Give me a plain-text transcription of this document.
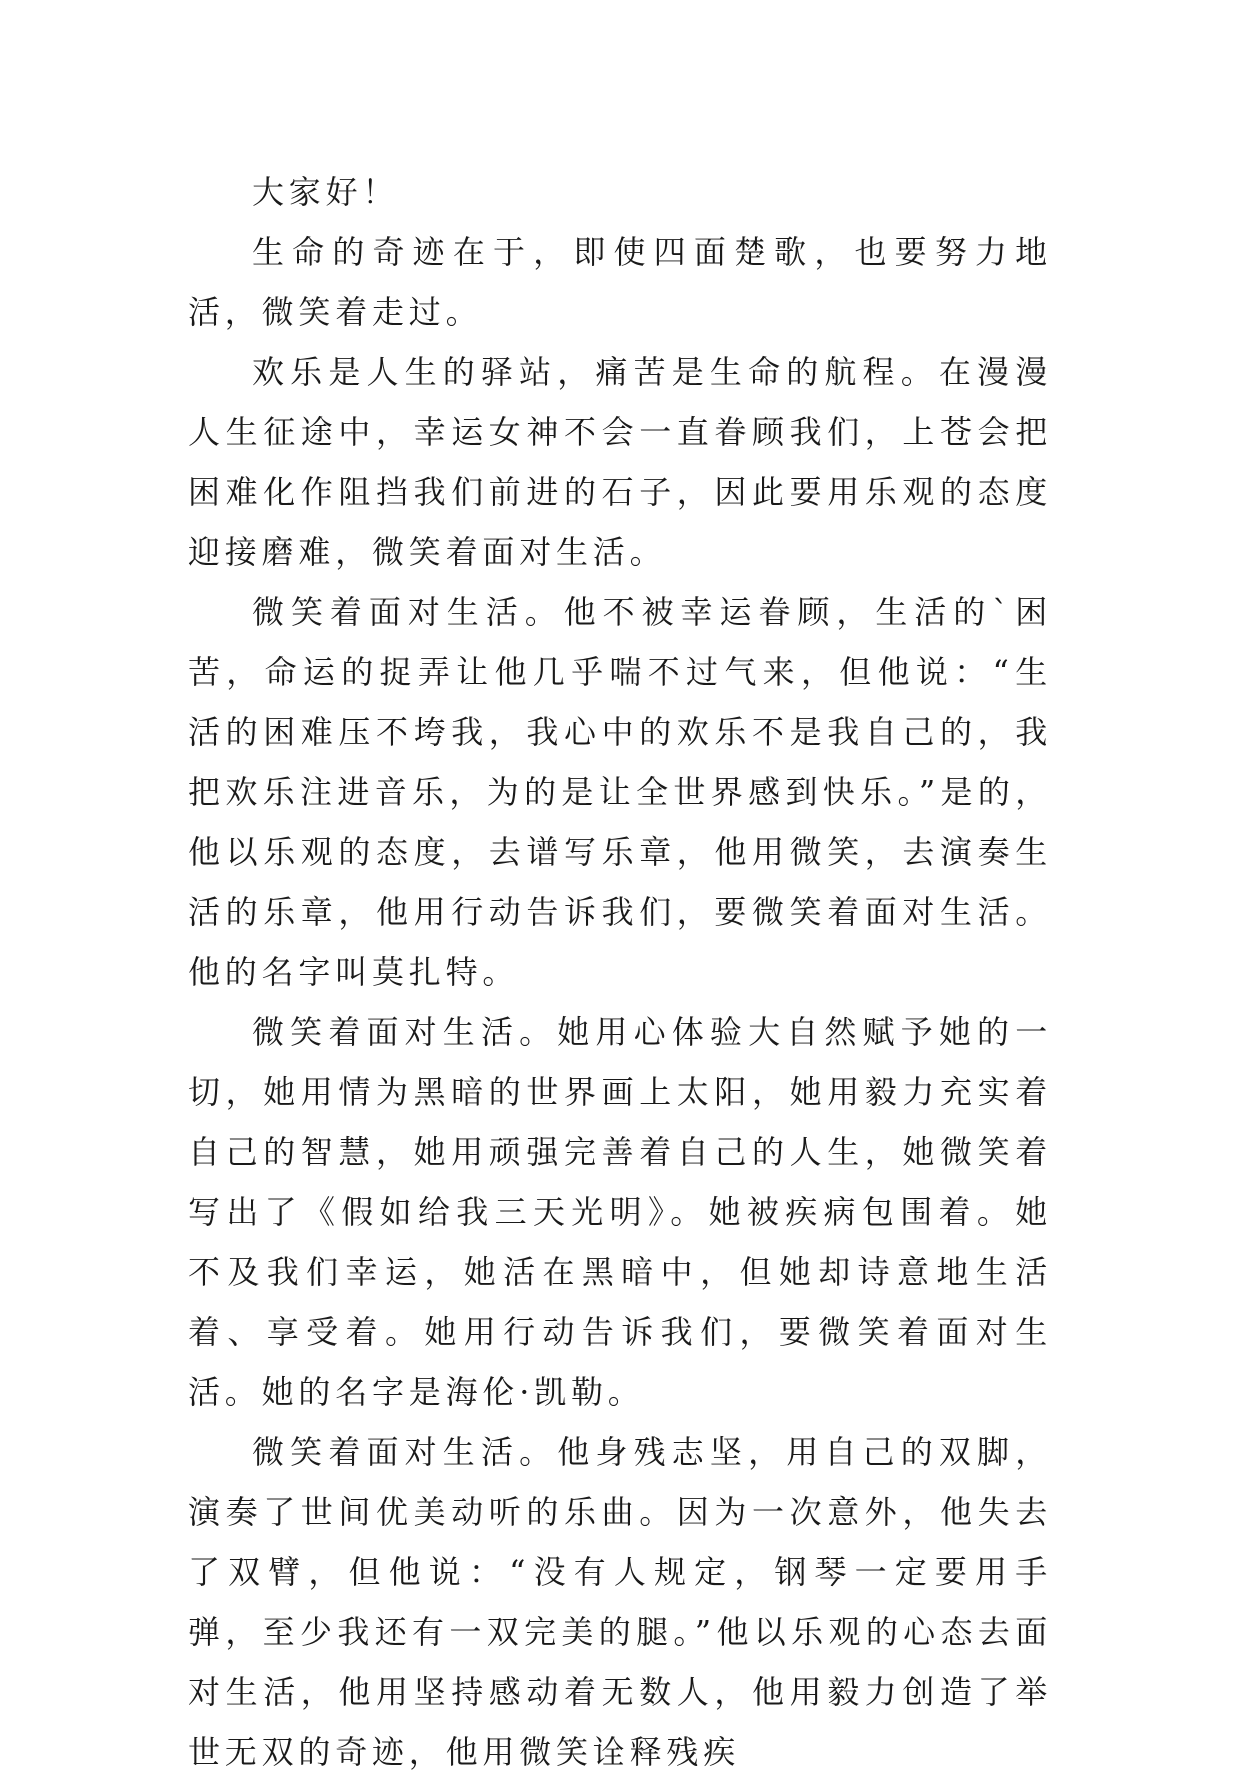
大家好！

生命的奇迹在于，即使四面楚歌，也要努力地活，微笑着走过。

欢乐是人生的驿站，痛苦是生命的航程。在漫漫人生征途中，幸运女神不会一直眷顾我们，上苍会把困难化作阻挡我们前进的石子，因此要用乐观的态度迎接磨难，微笑着面对生活。

微笑着面对生活。他不被幸运眷顾，生活的`困苦，命运的捉弄让他几乎喘不过气来，但他说：“生活的困难压不垮我，我心中的欢乐不是我自己的，我把欢乐注进音乐，为的是让全世界感到快乐。”是的，他以乐观的态度，去谱写乐章，他用微笑，去演奏生活的乐章，他用行动告诉我们，要微笑着面对生活。他的名字叫莫扎特。

微笑着面对生活。她用心体验大自然赋予她的一切，她用情为黑暗的世界画上太阳，她用毅力充实着自己的智慧，她用顽强完善着自己的人生，她微笑着写出了《假如给我三天光明》。她被疾病包围着。她不及我们幸运，她活在黑暗中，但她却诗意地生活着、享受着。她用行动告诉我们，要微笑着面对生活。她的名字是海伦·凯勒。

微笑着面对生活。他身残志坚，用自己的双脚，演奏了世间优美动听的乐曲。因为一次意外，他失去了双臂，但他说：“没有人规定，钢琴一定要用手弹，至少我还有一双完美的腿。”他以乐观的心态去面对生活，他用坚持感动着无数人，他用毅力创造了举世无双的奇迹，他用微笑诠释残疾
